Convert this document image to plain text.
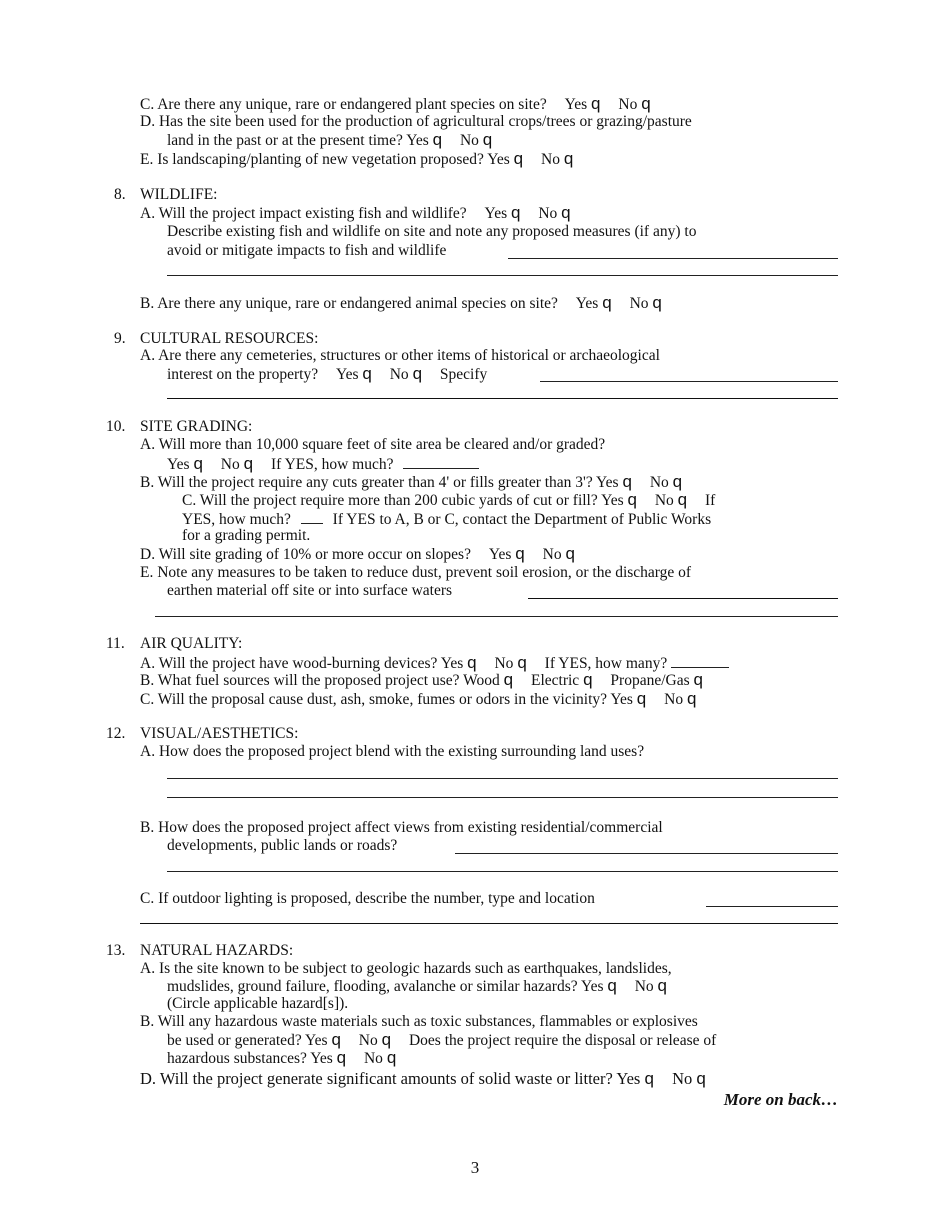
C. Are there any unique, rare or endangered plant species on site? Yes q No q
D. Has the site been used for the production of agricultural crops/trees or grazing/pasture
land in the past or at the present time? Yes q No q
E. Is landscaping/planting of new vegetation proposed? Yes q No q
8. WILDLIFE:
A. Will the project impact existing fish and wildlife? Yes q No q
Describe existing fish and wildlife on site and note any proposed measures (if any) to
avoid or mitigate impacts to fish and wildlife
B. Are there any unique, rare or endangered animal species on site? Yes q No q
9. CULTURAL RESOURCES:
A. Are there any cemeteries, structures or other items of historical or archaeological
interest on the property? Yes q No q Specify
10. SITE GRADING:
A. Will more than 10,000 square feet of site area be cleared and/or graded?
Yes q No q If YES, how much?
B. Will the project require any cuts greater than 4' or fills greater than 3'? Yes q No q
C. Will the project require more than 200 cubic yards of cut or fill? Yes q No q If
YES, how much?	If YES to A, B or C, contact the Department of Public Works
for a grading permit.
D. Will site grading of 10% or more occur on slopes? Yes q No q
E. Note any measures to be taken to reduce dust, prevent soil erosion, or the discharge of
earthen material off site or into surface waters
11. AIR QUALITY:
A. Will the project have wood-burning devices? Yes q No q If YES, how many?
B. What fuel sources will the proposed project use? Wood q Electric q Propane/Gas q
C. Will the proposal cause dust, ash, smoke, fumes or odors in the vicinity? Yes q No q
12. VISUAL/AESTHETICS:
A. How does the proposed project blend with the existing surrounding land uses?
B. How does the proposed project affect views from existing residential/commercial
developments, public lands or roads?
C. If outdoor lighting is proposed, describe the number, type and location
13. NATURAL HAZARDS:
A. Is the site known to be subject to geologic hazards such as earthquakes, landslides,
mudslides, ground failure, flooding, avalanche or similar hazards? Yes q No q
(Circle applicable hazard[s]).
B. Will any hazardous waste materials such as toxic substances, flammables or explosives
be used or generated? Yes q No q Does the project require the disposal or release of
hazardous substances? Yes q No q
D. Will the project generate significant amounts of solid waste or litter? Yes q No q
More on back…
3
